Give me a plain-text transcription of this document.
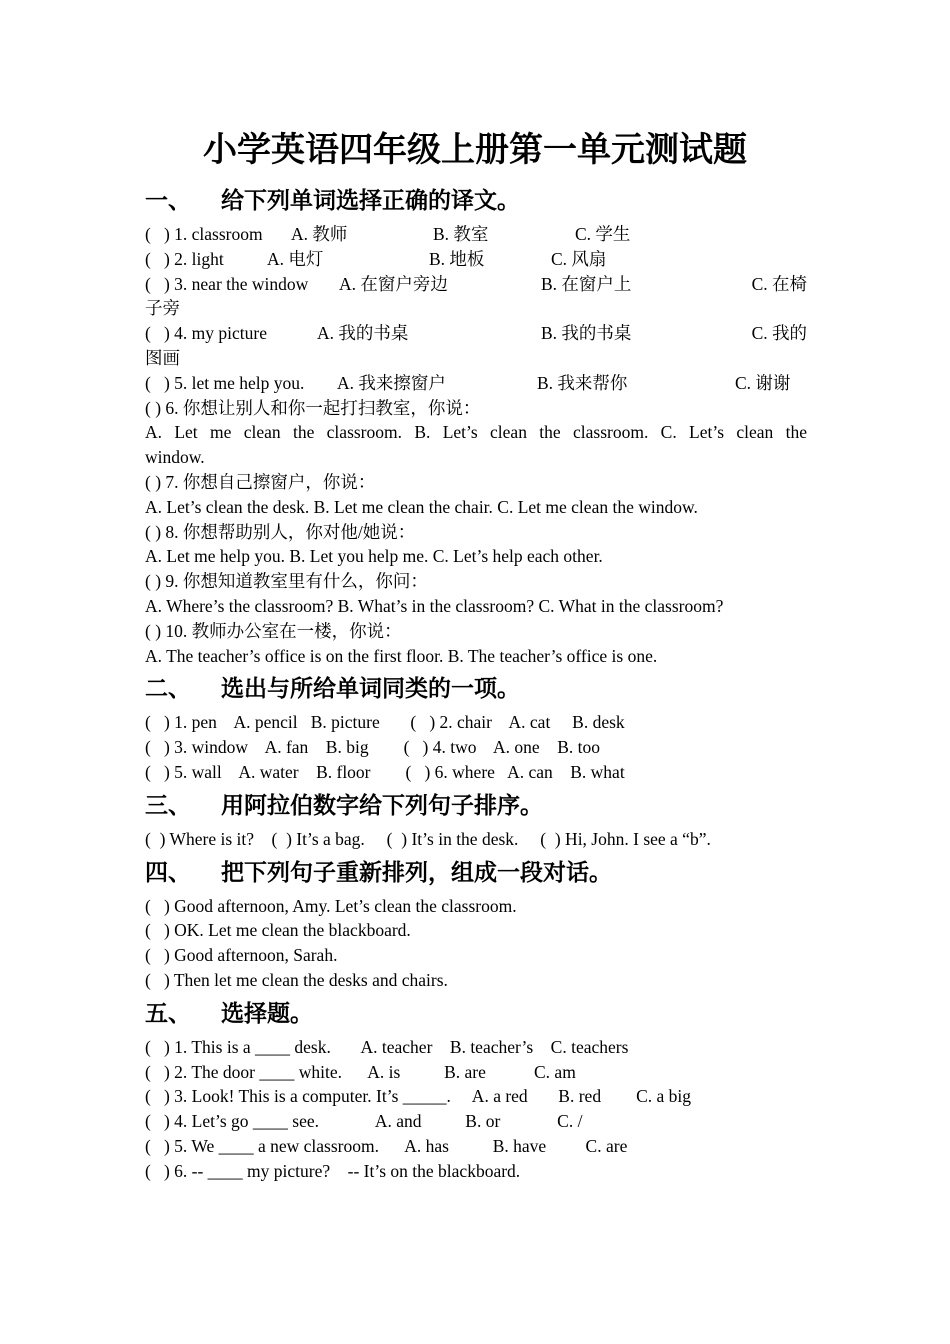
小学英语四年级上册第一单元测试题
一、 给下列单词选择正确的译文。
(   ) 1. classroom A. 教师	B. 教室	C. 学生
(   ) 2. light A. 电灯	B. 地板	C. 风扇
(   ) 3. near the window A. 在窗户旁边	B. 在窗户上	C. 在椅
子旁
(   ) 4. my picture	A. 我的书桌	B. 我的书桌	C. 我的
图画
(   ) 5. let me help you. A. 我来擦窗户	B. 我来帮你	C. 谢谢
( ) 6. 你想让别人和你一起打扫教室，你说：
A. Let me clean the classroom. B. Let’s clean the classroom. C. Let’s clean the
window.
( ) 7. 你想自己擦窗户，你说：
A. Let’s clean the desk. B. Let me clean the chair. C. Let me clean the window.
( ) 8. 你想帮助别人，你对他/她说：
A. Let me help you. B. Let you help me. C. Let’s help each other.
( ) 9. 你想知道教室里有什么，你问：
A. Where’s the classroom? B. What’s in the classroom? C. What in the classroom?
( ) 10. 教师办公室在一楼，你说：
A. The teacher’s office is on the first floor. B. The teacher’s office is one.
二、 选出与所给单词同类的一项。
(   ) 1. pen    A. pencil   B. picture       (   ) 2. chair    A. cat     B. desk
(   ) 3. window    A. fan    B. big        (   ) 4. two    A. one    B. too
(   ) 5. wall    A. water    B. floor        (   ) 6. where   A. can    B. what
三、 用阿拉伯数字给下列句子排序。
(  ) Where is it?    (  ) It’s a bag.     (  ) It’s in the desk.     (  ) Hi, John. I see a “b”.
四、 把下列句子重新排列，组成一段对话。
(   ) Good afternoon, Amy. Let’s clean the classroom.
(   ) OK. Let me clean the blackboard.
(   ) Good afternoon, Sarah.
(   ) Then let me clean the desks and chairs.
五、 选择题。
(   ) 1. This is a ____ desk.       A. teacher    B. teacher’s    C. teachers
(   ) 2. The door ____ white.      A. is          B. are           C. am
(   ) 3. Look! This is a computer. It’s _____.     A. a red       B. red        C. a big
(   ) 4. Let’s go ____ see.             A. and          B. or             C. /
(   ) 5. We ____ a new classroom.      A. has          B. have         C. are
(   ) 6. -- ____ my picture?    -- It’s on the blackboard.
